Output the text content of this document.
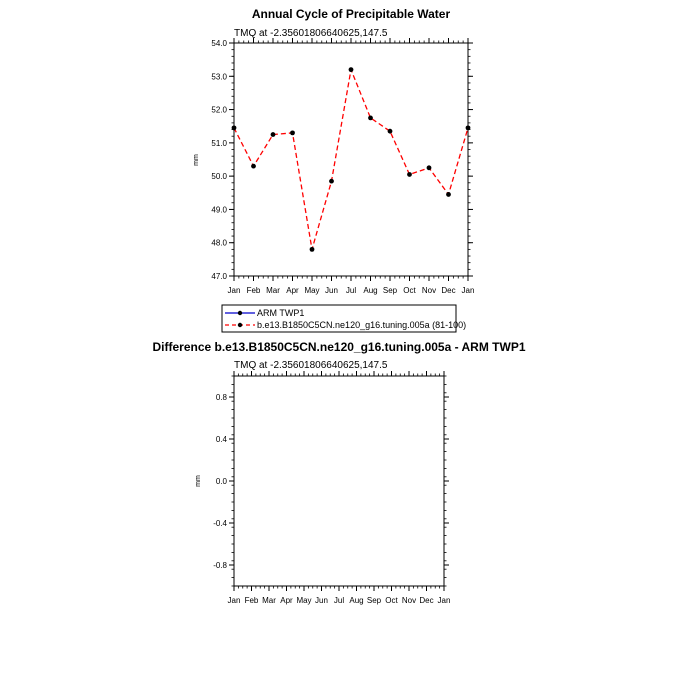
Annual Cycle of Precipitable Water
TMQ at -2.35601806640625,147.5
mm
54.0
53.0
52.0
51.0
50.0
49.0
48.0
47.0
Jan Feb Mar Apr May Jun Jul Aug Sep Oct Nov Dec Jan
ARM TWP1
b.e13.B1850C5CN.ne120_g16.tuning.005a (81-100)
Difference b.e13.B1850C5CN.ne120_g16.tuning.005a - ARM TWP1
TMQ at -2.35601806640625,147.5
mm
0.8
0.4
0.0
-0.4
-0.8
Jan Feb Mar Apr May Jun Jul Aug Sep Oct Nov Dec Jan
